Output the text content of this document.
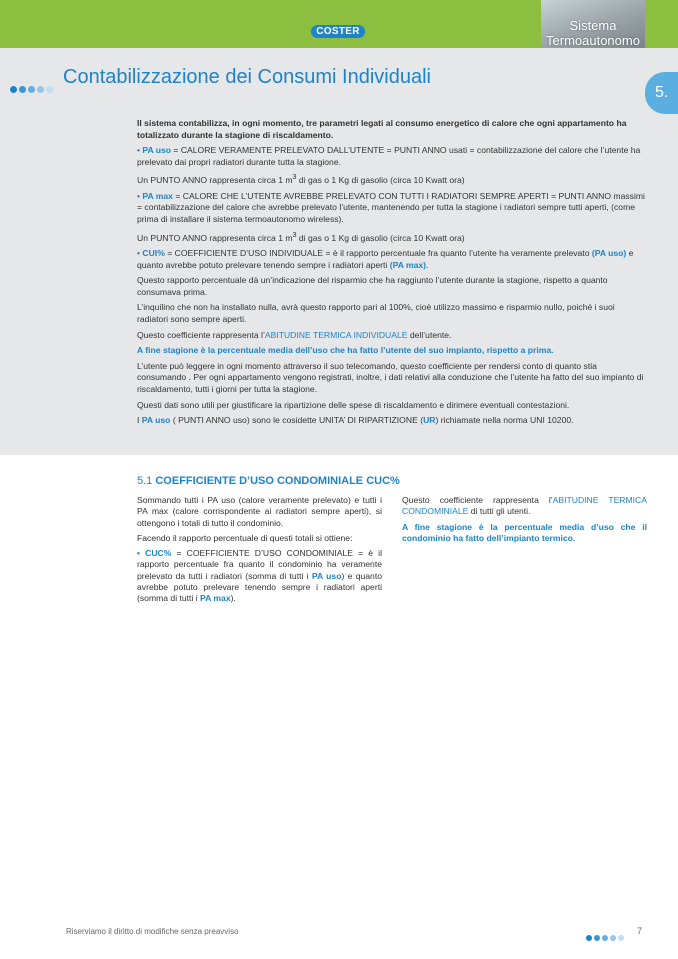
COSTER	Sistema
Termoautonomo
Contabilizzazione dei Consumi Individuali
5.

Il sistema contabilizza, in ogni momento, tre parametri legati al consumo energetico di calore che ogni appartamento ha totalizzato durante la stagione di riscaldamento.

• PA uso = CALORE VERAMENTE PRELEVATO DALL’UTENTE = PUNTI ANNO usati = contabilizzazione del calore che l’utente ha prelevato dai propri radiatori durante tutta la stagione.

Un PUNTO ANNO rappresenta circa 1 $m^3$ di gas o 1 Kg di gasolio (circa 10 Kwatt ora)

• PA max = CALORE CHE L’UTENTE AVREBBE PRELEVATO CON TUTTI I RADIATORI SEMPRE APERTI = PUNTI ANNO massimi = contabilizzazione del calore che avrebbe prelevato l’utente, mantenendo per tutta la stagione i radiatori sempre tutti aperti, (come prima di installare il sistema termoautonomo wireless).

Un PUNTO ANNO rappresenta circa 1 $m^3$ di gas o 1 Kg di gasolio (circa 10 Kwatt ora)

• CUI% = COEFFICIENTE D’USO INDIVIDUALE = è il rapporto percentuale fra quanto l’utente ha veramente prelevato (PA uso) e quanto avrebbe potuto prelevare tenendo sempre i radiatori aperti (PA max).

Questo rapporto percentuale dà un’indicazione del risparmio che ha raggiunto l’utente durante la stagione, rispetto a quanto consumava prima.

L’inquilino che non ha installato nulla, avrà questo rapporto pari al 100%, cioè utilizzo massimo e risparmio nullo, poiché i suoi radiatori sono sempre aperti.

Questo coefficiente rappresenta l’ABITUDINE TERMICA INDIVIDUALE dell’utente.

A fine stagione è la percentuale media dell’uso che ha fatto l’utente del suo impianto, rispetto a prima.

L’utente può leggere in ogni momento attraverso il suo telecomando, questo coefficiente per rendersi conto di quanto stia consumando . Per ogni appartamento vengono registrati, inoltre, i dati relativi alla conduzione che l’utente ha fatto del suo impianto di riscaldamento, tutti i giorni per tutta la stagione.

Questi dati sono utili per giustificare la ripartizione delle spese di riscaldamento e dirimere eventuali contestazioni.

I PA uso ( PUNTI ANNO uso) sono le cosidette UNITA’ DI RIPARTIZIONE (UR) richiamate nella norma UNI 10200.

5.1 COEFFICIENTE D’USO CONDOMINIALE CUC%

Sommando tutti i PA uso (calore veramente prelevato) e tutti i PA max (calore corrispondente ai radiatori sempre aperti), si ottengono i totali di tutto il condominio.

Facendo il rapporto percentuale di questi totali si ottiene:

• CUC% = COEFFICIENTE D’USO CONDOMINIALE = è il rapporto percentuale fra quanto il condominio ha veramente prelevato da tutti i radiatori (somma di tutti i PA uso) e quanto avrebbe potuto prelevare tenendo sempre i radiatori aperti (somma di tutti i PA max).

Questo coefficiente rappresenta l’ABITUDINE TERMICA CONDOMINIALE di tutti gli utenti.

A fine stagione è la percentuale media d’uso che il condominio ha fatto dell’impianto termico.

Riserviamo il diritto di modifiche senza preavviso	7
